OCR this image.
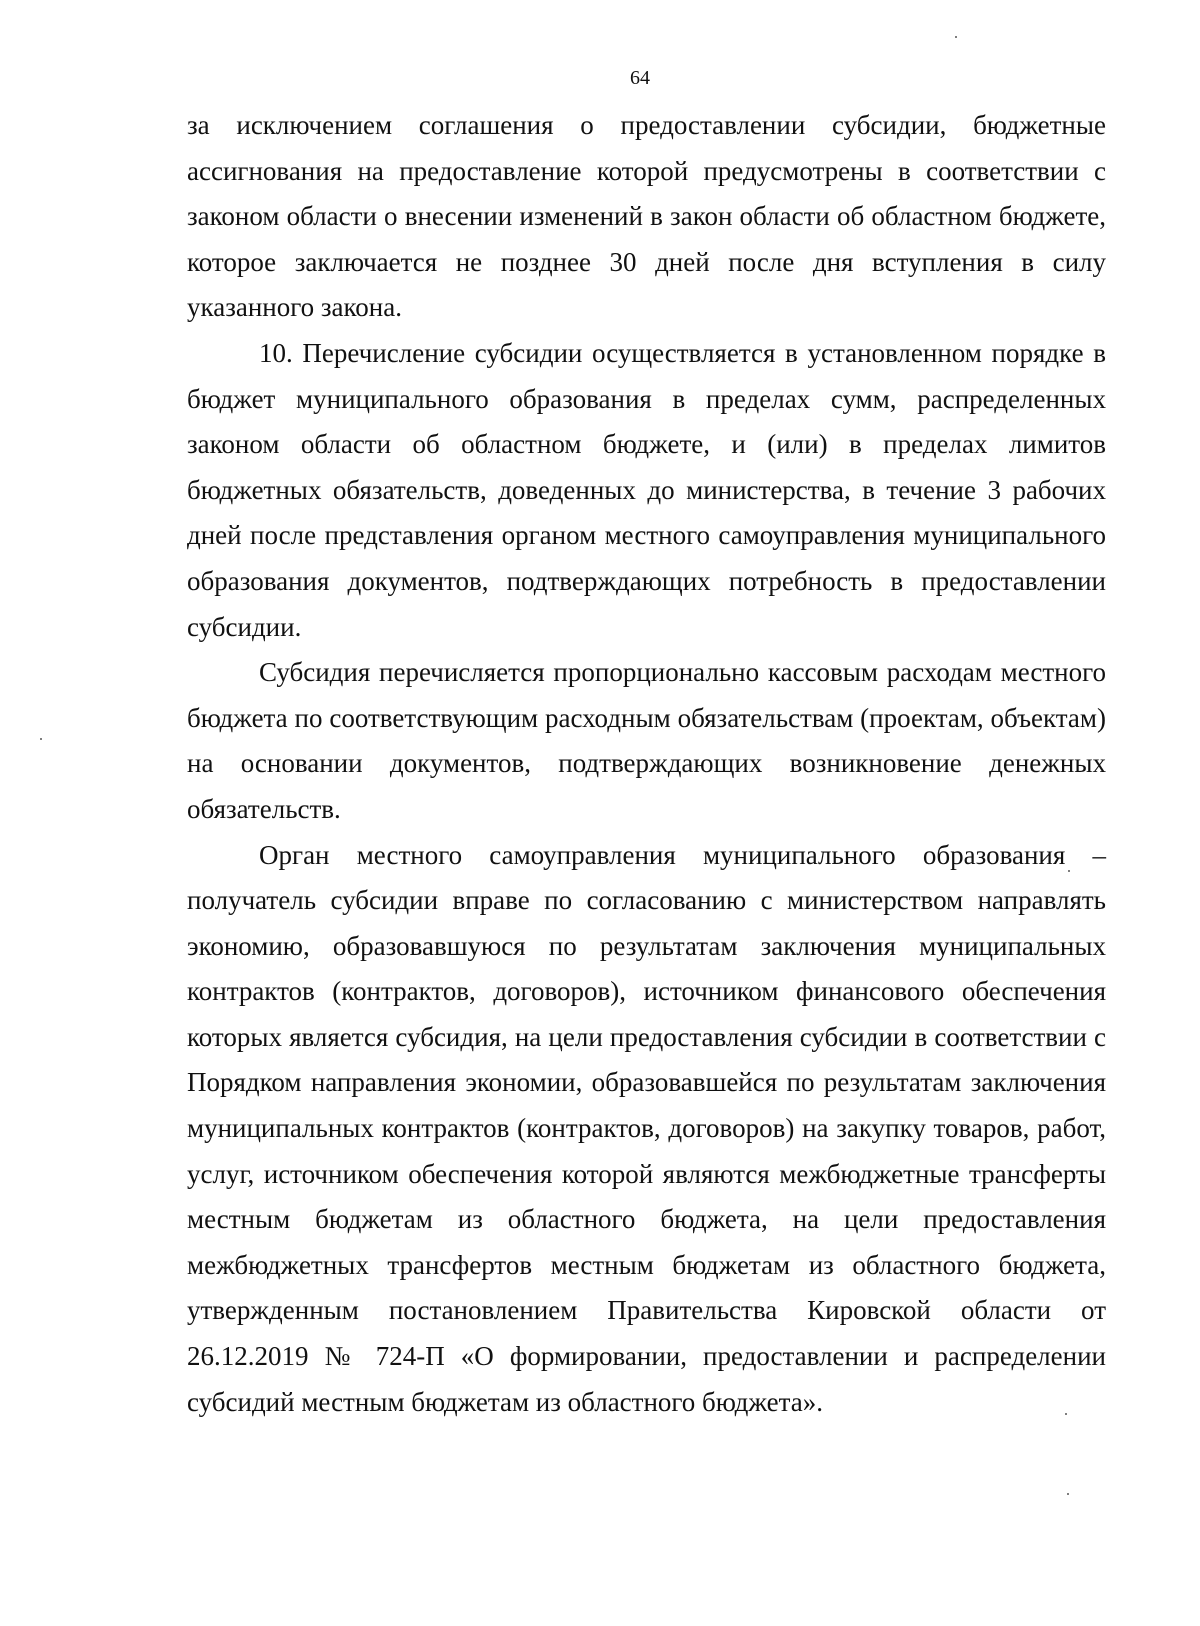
64

за исключением соглашения о предоставлении субсидии, бюджетные ассигнования на предоставление которой предусмотрены в соответствии с законом области о внесении изменений в закон области об областном бюджете, которое заключается не позднее 30 дней после дня вступления в силу указанного закона.

10. Перечисление субсидии осуществляется в установленном порядке в бюджет муниципального образования в пределах сумм, распределенных законом области об областном бюджете, и (или) в пределах лимитов бюджетных обязательств, доведенных до министерства, в течение 3 рабочих дней после представления органом местного самоуправления муниципального образования документов, подтверждающих потребность в предоставлении субсидии.

Субсидия перечисляется пропорционально кассовым расходам местного бюджета по соответствующим расходным обязательствам (проектам, объектам) на основании документов, подтверждающих возникновение денежных обязательств.

Орган местного самоуправления муниципального образования – получатель субсидии вправе по согласованию с министерством направлять экономию, образовавшуюся по результатам заключения муниципальных контрактов (контрактов, договоров), источником финансового обеспечения которых является субсидия, на цели предоставления субсидии в соответствии с Порядком направления экономии, образовавшейся по результатам заключения муниципальных контрактов (контрактов, договоров) на закупку товаров, работ, услуг, источником обеспечения которой являются межбюджетные трансферты местным бюджетам из областного бюджета, на цели предоставления межбюджетных трансфертов местным бюджетам из областного бюджета, утвержденным постановлением Правительства Кировской области от 26.12.2019 № 724-П «О формировании, предоставлении и распределении субсидий местным бюджетам из областного бюджета».
